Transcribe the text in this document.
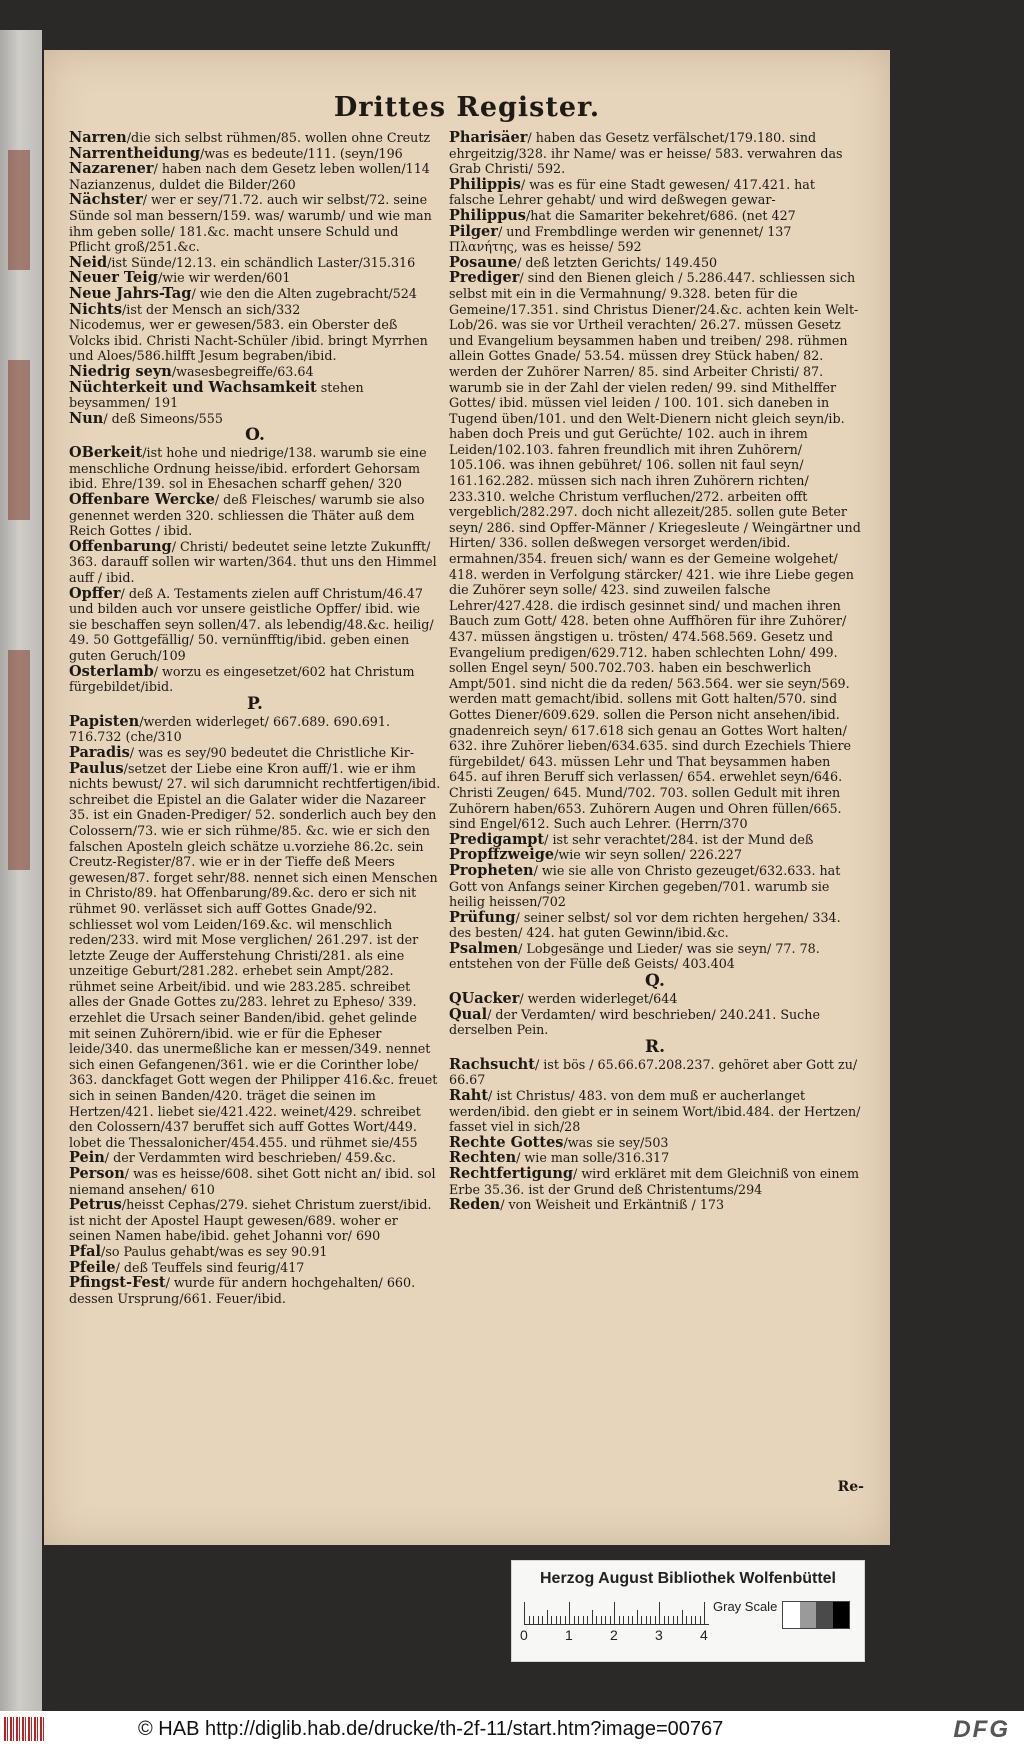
Drittes Register.

Narren/die sich selbst rühmen/85. wollen ohne Creutz

Narrentheidung/was es bedeute/111. (seyn/196

Nazarener/ haben nach dem Gesetz leben wollen/114

Nazianzenus, duldet die Bilder/260

Nächster/ wer er sey/71.72. auch wir selbst/72. seine Sünde sol man bessern/159. was/ warumb/ und wie man ihm geben solle/ 181.&c. macht unsere Schuld und Pflicht groß/251.&c.

Neid/ist Sünde/12.13. ein schändlich Laster/315.316

Neuer Teig/wie wir werden/601

Neue Jahrs-Tag/ wie den die Alten zugebracht/524

Nichts/ist der Mensch an sich/332

Nicodemus, wer er gewesen/583. ein Oberster deß Volcks ibid. Christi Nacht-Schüler /ibid. bringt Myrrhen und Aloes/586.hilfft Jesum begraben/ibid.

Niedrig seyn/wasesbegreiffe/63.64

Nüchterkeit und Wachsamkeit stehen beysammen/ 191

Nun/ deß Simeons/555

O.

OBerkeit/ist hohe und niedrige/138. warumb sie eine menschliche Ordnung heisse/ibid. erfordert Gehorsam ibid. Ehre/139. sol in Ehesachen scharff gehen/ 320

Offenbare Wercke/ deß Fleisches/ warumb sie also genennet werden 320. schliessen die Thäter auß dem Reich Gottes / ibid.

Offenbarung/ Christi/ bedeutet seine letzte Zukunfft/ 363. darauff sollen wir warten/364. thut uns den Himmel auff / ibid.

Opffer/ deß A. Testaments zielen auff Christum/46.47 und bilden auch vor unsere geistliche Opffer/ ibid. wie sie beschaffen seyn sollen/47. als lebendig/48.&c. heilig/ 49. 50 Gottgefällig/ 50. vernünfftig/ibid. geben einen guten Geruch/109

Osterlamb/ worzu es eingesetzet/602 hat Christum fürgebildet/ibid.

P.

Papisten/werden widerleget/ 667.689. 690.691. 716.732 (che/310

Paradis/ was es sey/90 bedeutet die Christliche Kir-

Paulus/setzet der Liebe eine Kron auff/1. wie er ihm nichts bewust/ 27. wil sich darumnicht rechtfertigen/ibid. schreibet die Epistel an die Galater wider die Nazareer 35. ist ein Gnaden-Prediger/ 52. sonderlich auch bey den Colossern/73. wie er sich rühme/85. &c. wie er sich den falschen Aposteln gleich schätze u.vorziehe 86.2c. sein Creutz-Register/87. wie er in der Tieffe deß Meers gewesen/87. forget sehr/88. nennet sich einen Menschen in Christo/89. hat Offenbarung/89.&c. dero er sich nit rühmet 90. verlässet sich auff Gottes Gnade/92. schliesset wol vom Leiden/169.&c. wil menschlich reden/233. wird mit Mose verglichen/ 261.297. ist der letzte Zeuge der Aufferstehung Christi/281. als eine unzeitige Geburt/281.282. erhebet sein Ampt/282. rühmet seine Arbeit/ibid. und wie 283.285. schreibet alles der Gnade Gottes zu/283. lehret zu Epheso/ 339. erzehlet die Ursach seiner Banden/ibid. gehet gelinde mit seinen Zuhörern/ibid. wie er für die Epheser leide/340. das unermeßliche kan er messen/349. nennet sich einen Gefangenen/361. wie er die Corinther lobe/ 363. danckfaget Gott wegen der Philipper 416.&c. freuet sich in seinen Banden/420. träget die seinen im Hertzen/421. liebet sie/421.422. weinet/429. schreibet den Colossern/437 beruffet sich auff Gottes Wort/449. lobet die Thessalonicher/454.455. und rühmet sie/455

Pein/ der Verdammten wird beschrieben/ 459.&c.

Person/ was es heisse/608. sihet Gott nicht an/ ibid. sol niemand ansehen/ 610

Petrus/heisst Cephas/279. siehet Christum zuerst/ibid. ist nicht der Apostel Haupt gewesen/689. woher er seinen Namen habe/ibid. gehet Johanni vor/ 690

Pfal/so Paulus gehabt/was es sey 90.91

Pfeile/ deß Teuffels sind feurig/417

Pfingst-Fest/ wurde für andern hochgehalten/ 660. dessen Ursprung/661. Feuer/ibid.

Pharisäer/ haben das Gesetz verfälschet/179.180. sind ehrgeitzig/328. ihr Name/ was er heisse/ 583. verwahren das Grab Christi/ 592.

Philippis/ was es für eine Stadt gewesen/ 417.421. hat falsche Lehrer gehabt/ und wird deßwegen gewar-

Philippus/hat die Samariter bekehret/686. (net 427

Pilger/ und Frembdlinge werden wir genennet/ 137

Πλανήτης, was es heisse/ 592

Posaune/ deß letzten Gerichts/ 149.450

Prediger/ sind den Bienen gleich / 5.286.447. schliessen sich selbst mit ein in die Vermahnung/ 9.328. beten für die Gemeine/17.351. sind Christus Diener/24.&c. achten kein Welt-Lob/26. was sie vor Urtheil verachten/ 26.27. müssen Gesetz und Evangelium beysammen haben und treiben/ 298. rühmen allein Gottes Gnade/ 53.54. müssen drey Stück haben/ 82. werden der Zuhörer Narren/ 85. sind Arbeiter Christi/ 87. warumb sie in der Zahl der vielen reden/ 99. sind Mithelffer Gottes/ ibid. müssen viel leiden / 100. 101. sich daneben in Tugend üben/101. und den Welt-Dienern nicht gleich seyn/ib. haben doch Preis und gut Gerüchte/ 102. auch in ihrem Leiden/102.103. fahren freundlich mit ihren Zuhörern/ 105.106. was ihnen gebühret/ 106. sollen nit faul seyn/ 161.162.282. müssen sich nach ihren Zuhörern richten/ 233.310. welche Christum verfluchen/272. arbeiten offt vergeblich/282.297. doch nicht allezeit/285. sollen gute Beter seyn/ 286. sind Opffer-Männer / Kriegesleute / Weingärtner und Hirten/ 336. sollen deßwegen versorget werden/ibid. ermahnen/354. freuen sich/ wann es der Gemeine wolgehet/ 418. werden in Verfolgung stärcker/ 421. wie ihre Liebe gegen die Zuhörer seyn solle/ 423. sind zuweilen falsche Lehrer/427.428. die irdisch gesinnet sind/ und machen ihren Bauch zum Gott/ 428. beten ohne Auffhören für ihre Zuhörer/ 437. müssen ängstigen u. trösten/ 474.568.569. Gesetz und Evangelium predigen/629.712. haben schlechten Lohn/ 499. sollen Engel seyn/ 500.702.703. haben ein beschwerlich Ampt/501. sind nicht die da reden/ 563.564. wer sie seyn/569. werden matt gemacht/ibid. sollens mit Gott halten/570. sind Gottes Diener/609.629. sollen die Person nicht ansehen/ibid. gnadenreich seyn/ 617.618 sich genau an Gottes Wort halten/ 632. ihre Zuhörer lieben/634.635. sind durch Ezechiels Thiere fürgebildet/ 643. müssen Lehr und That beysammen haben 645. auf ihren Beruff sich verlassen/ 654. erwehlet seyn/646. Christi Zeugen/ 645. Mund/702. 703. sollen Gedult mit ihren Zuhörern haben/653. Zuhörern Augen und Ohren füllen/665. sind Engel/612. Such auch Lehrer. (Herrn/370

Predigampt/ ist sehr verachtet/284. ist der Mund deß

Propffzweige/wie wir seyn sollen/ 226.227

Propheten/ wie sie alle von Christo gezeuget/632.633. hat Gott von Anfangs seiner Kirchen gegeben/701. warumb sie heilig heissen/702

Prüfung/ seiner selbst/ sol vor dem richten hergehen/ 334. des besten/ 424. hat guten Gewinn/ibid.&c.

Psalmen/ Lobgesänge und Lieder/ was sie seyn/ 77. 78. entstehen von der Fülle deß Geists/ 403.404

Q.

QUacker/ werden widerleget/644

Qual/ der Verdamten/ wird beschrieben/ 240.241. Suche derselben Pein.

R.

Rachsucht/ ist bös / 65.66.67.208.237. gehöret aber Gott zu/ 66.67

Raht/ ist Christus/ 483. von dem muß er aucherlanget werden/ibid. den giebt er in seinem Wort/ibid.484. der Hertzen/ fasset viel in sich/28

Rechte Gottes/was sie sey/503

Rechten/ wie man solle/316.317

Rechtfertigung/ wird erkläret mit dem Gleichniß von einem Erbe 35.36. ist der Grund deß Christentums/294

Reden/ von Weisheit und Erkäntniß / 173

Re-
Herzog August Bibliothek Wolfenbüttel
0	1	2	3	4
Gray Scale
© HAB http://diglib.hab.de/drucke/th-2f-11/start.htm?image=00767	DFG
